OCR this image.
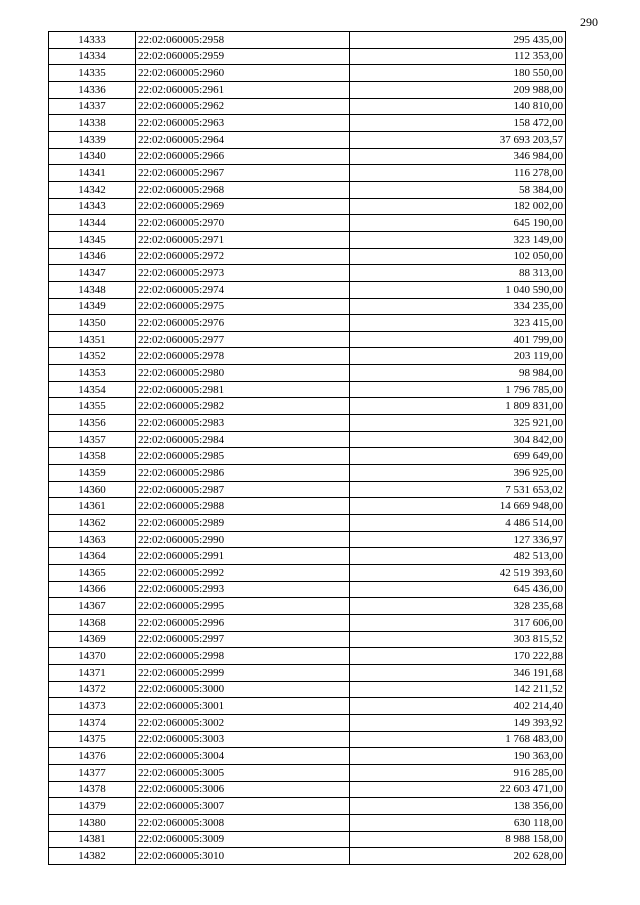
290
14333	22:02:060005:2958	295 435,00
14334	22:02:060005:2959	112 353,00
14335	22:02:060005:2960	180 550,00
14336	22:02:060005:2961	209 988,00
14337	22:02:060005:2962	140 810,00
14338	22:02:060005:2963	158 472,00
14339	22:02:060005:2964	37 693 203,57
14340	22:02:060005:2966	346 984,00
14341	22:02:060005:2967	116 278,00
14342	22:02:060005:2968	58 384,00
14343	22:02:060005:2969	182 002,00
14344	22:02:060005:2970	645 190,00
14345	22:02:060005:2971	323 149,00
14346	22:02:060005:2972	102 050,00
14347	22:02:060005:2973	88 313,00
14348	22:02:060005:2974	1 040 590,00
14349	22:02:060005:2975	334 235,00
14350	22:02:060005:2976	323 415,00
14351	22:02:060005:2977	401 799,00
14352	22:02:060005:2978	203 119,00
14353	22:02:060005:2980	98 984,00
14354	22:02:060005:2981	1 796 785,00
14355	22:02:060005:2982	1 809 831,00
14356	22:02:060005:2983	325 921,00
14357	22:02:060005:2984	304 842,00
14358	22:02:060005:2985	699 649,00
14359	22:02:060005:2986	396 925,00
14360	22:02:060005:2987	7 531 653,02
14361	22:02:060005:2988	14 669 948,00
14362	22:02:060005:2989	4 486 514,00
14363	22:02:060005:2990	127 336,97
14364	22:02:060005:2991	482 513,00
14365	22:02:060005:2992	42 519 393,60
14366	22:02:060005:2993	645 436,00
14367	22:02:060005:2995	328 235,68
14368	22:02:060005:2996	317 606,00
14369	22:02:060005:2997	303 815,52
14370	22:02:060005:2998	170 222,88
14371	22:02:060005:2999	346 191,68
14372	22:02:060005:3000	142 211,52
14373	22:02:060005:3001	402 214,40
14374	22:02:060005:3002	149 393,92
14375	22:02:060005:3003	1 768 483,00
14376	22:02:060005:3004	190 363,00
14377	22:02:060005:3005	916 285,00
14378	22:02:060005:3006	22 603 471,00
14379	22:02:060005:3007	138 356,00
14380	22:02:060005:3008	630 118,00
14381	22:02:060005:3009	8 988 158,00
14382	22:02:060005:3010	202 628,00
